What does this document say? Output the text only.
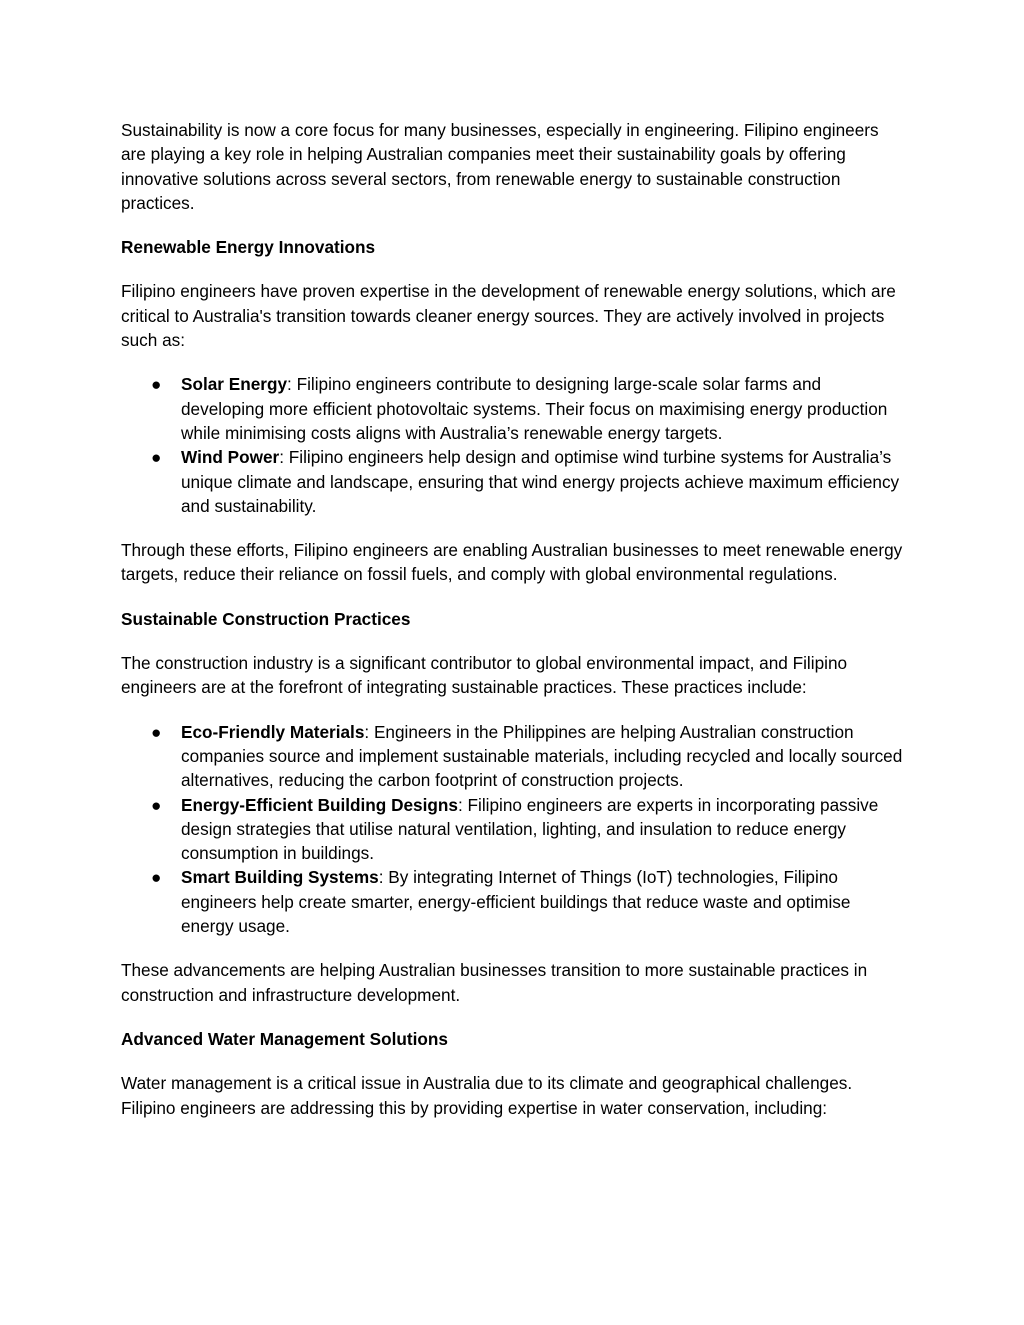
Sustainability is now a core focus for many businesses, especially in engineering. Filipino engineers are playing a key role in helping Australian companies meet their sustainability goals by offering innovative solutions across several sectors, from renewable energy to sustainable construction practices.

Renewable Energy Innovations

Filipino engineers have proven expertise in the development of renewable energy solutions, which are critical to Australia's transition towards cleaner energy sources. They are actively involved in projects such as:

● Solar Energy: Filipino engineers contribute to designing large-scale solar farms and developing more efficient photovoltaic systems. Their focus on maximising energy production while minimising costs aligns with Australia’s renewable energy targets.
● Wind Power: Filipino engineers help design and optimise wind turbine systems for Australia’s unique climate and landscape, ensuring that wind energy projects achieve maximum efficiency and sustainability.

Through these efforts, Filipino engineers are enabling Australian businesses to meet renewable energy targets, reduce their reliance on fossil fuels, and comply with global environmental regulations.

Sustainable Construction Practices

The construction industry is a significant contributor to global environmental impact, and Filipino engineers are at the forefront of integrating sustainable practices. These practices include:

● Eco-Friendly Materials: Engineers in the Philippines are helping Australian construction companies source and implement sustainable materials, including recycled and locally sourced alternatives, reducing the carbon footprint of construction projects.
● Energy-Efficient Building Designs: Filipino engineers are experts in incorporating passive design strategies that utilise natural ventilation, lighting, and insulation to reduce energy consumption in buildings.
● Smart Building Systems: By integrating Internet of Things (IoT) technologies, Filipino engineers help create smarter, energy-efficient buildings that reduce waste and optimise energy usage.

These advancements are helping Australian businesses transition to more sustainable practices in construction and infrastructure development.

Advanced Water Management Solutions

Water management is a critical issue in Australia due to its climate and geographical challenges. Filipino engineers are addressing this by providing expertise in water conservation, including:
